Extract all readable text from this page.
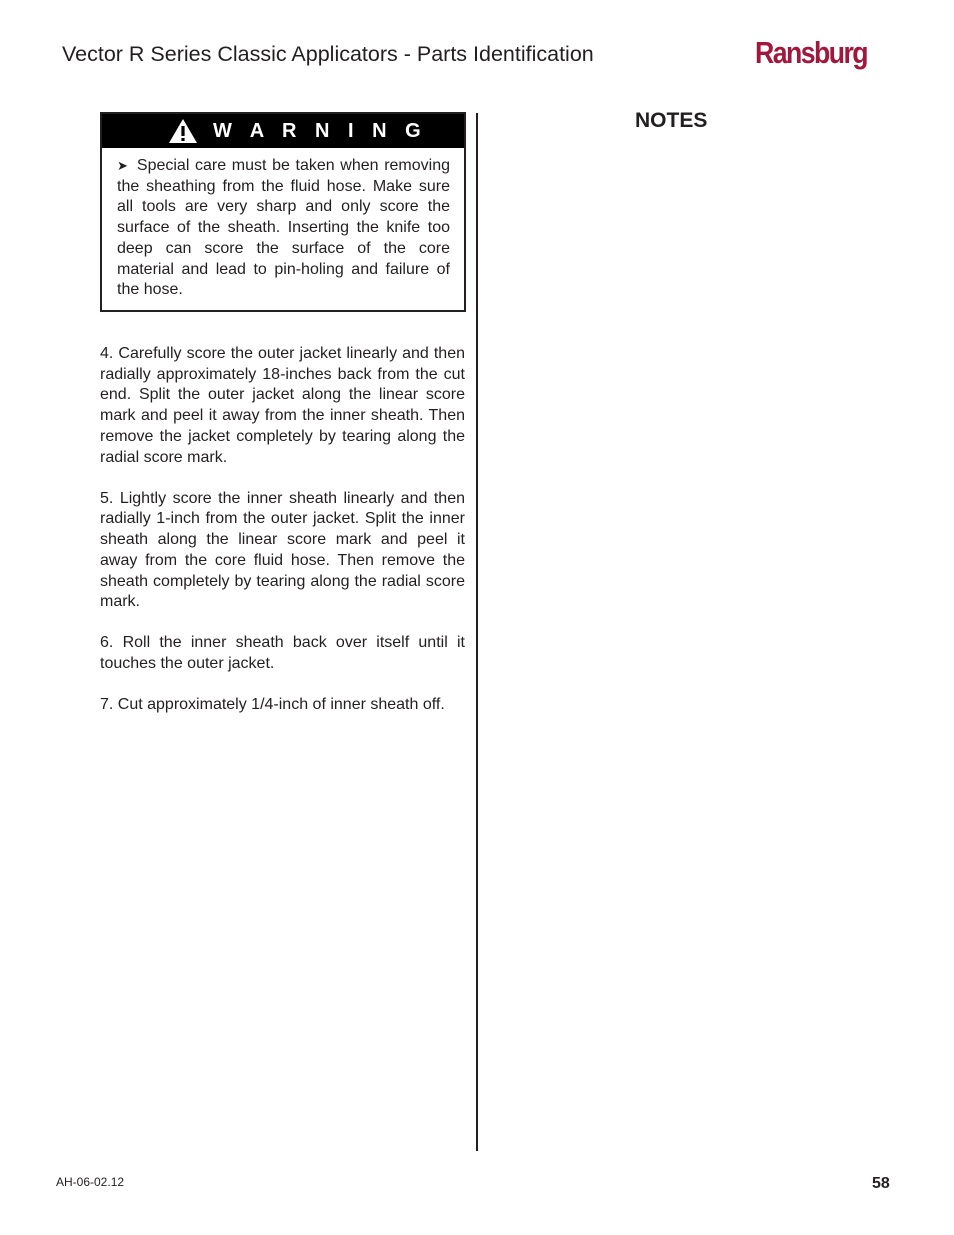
Vector R Series Classic Applicators - Parts Identification	Ransburg
W A R N I N G

➤ Special care must be taken when removing the sheathing from the fluid hose. Make sure all tools are very sharp and only score the surface of the sheath. Inserting the knife too deep can score the surface of the core material and lead to pin-holing and failure of the hose.

4. Carefully score the outer jacket linearly and then radially approximately 18-inches back from the cut end. Split the outer jacket along the linear score mark and peel it away from the inner sheath. Then remove the jacket completely by tearing along the radial score mark.

5. Lightly score the inner sheath linearly and then radially 1-inch from the outer jacket. Split the inner sheath along the linear score mark and peel it away from the core fluid hose. Then remove the sheath completely by tearing along the radial score mark.

6. Roll the inner sheath back over itself until it touches the outer jacket.

7. Cut approximately 1/4-inch of inner sheath off.

NOTES
AH-06-02.12	58
